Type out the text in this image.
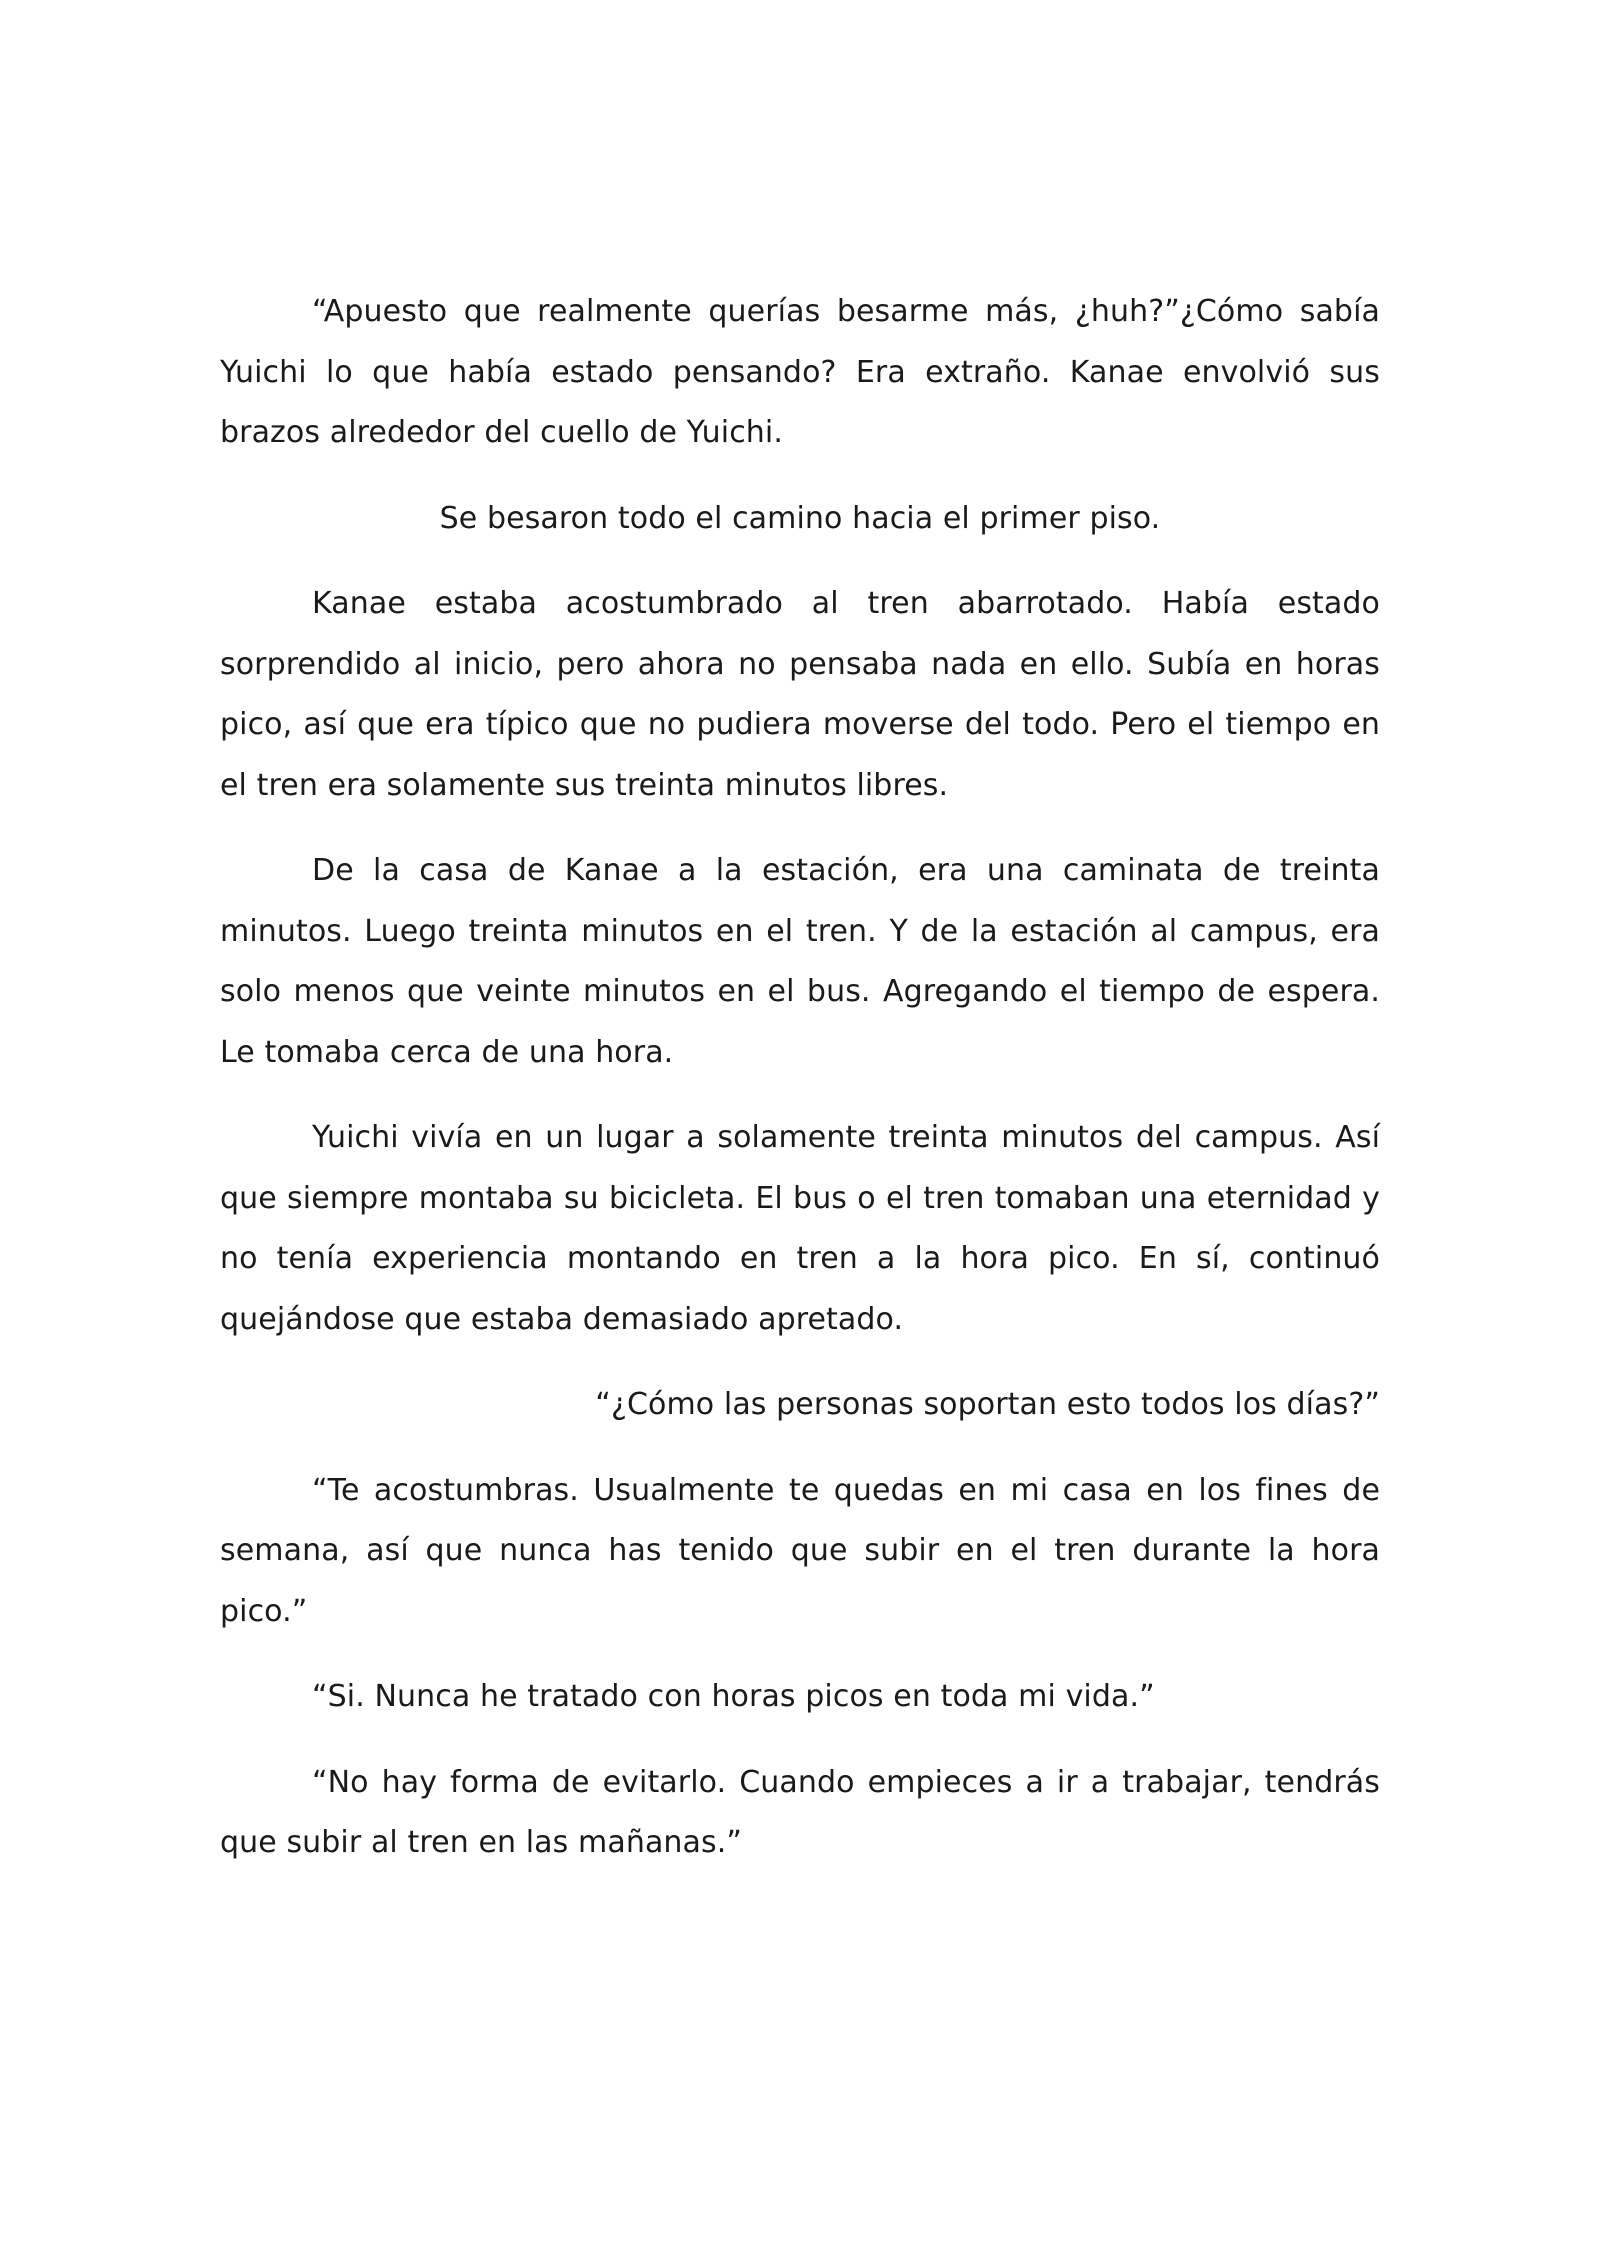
“Apuesto que realmente querías besarme más, ¿huh?”¿Cómo sabía Yuichi lo que había estado pensando? Era extraño. Kanae envolvió sus brazos alrededor del cuello de Yuichi.

Se besaron todo el camino hacia el primer piso.

Kanae estaba acostumbrado al tren abarrotado. Había estado sorprendido al inicio, pero ahora no pensaba nada en ello. Subía en horas pico, así que era típico que no pudiera moverse del todo. Pero el tiempo en el tren era solamente sus treinta minutos libres.

De la casa de Kanae a la estación, era una caminata de treinta minutos. Luego treinta minutos en el tren. Y de la estación al campus, era solo menos que veinte minutos en el bus. Agregando el tiempo de espera. Le tomaba cerca de una hora.

Yuichi vivía en un lugar a solamente treinta minutos del campus. Así que siempre montaba su bicicleta. El bus o el tren tomaban una eternidad y no tenía experiencia montando en tren a la hora pico. En sí, continuó quejándose que estaba demasiado apretado.

“¿Cómo las personas soportan esto todos los días?”

“Te acostumbras. Usualmente te quedas en mi casa en los fines de semana, así que nunca has tenido que subir en el tren durante la hora pico.”

“Si. Nunca he tratado con horas picos en toda mi vida.”

“No hay forma de evitarlo. Cuando empieces a ir a trabajar, tendrás que subir al tren en las mañanas.”
